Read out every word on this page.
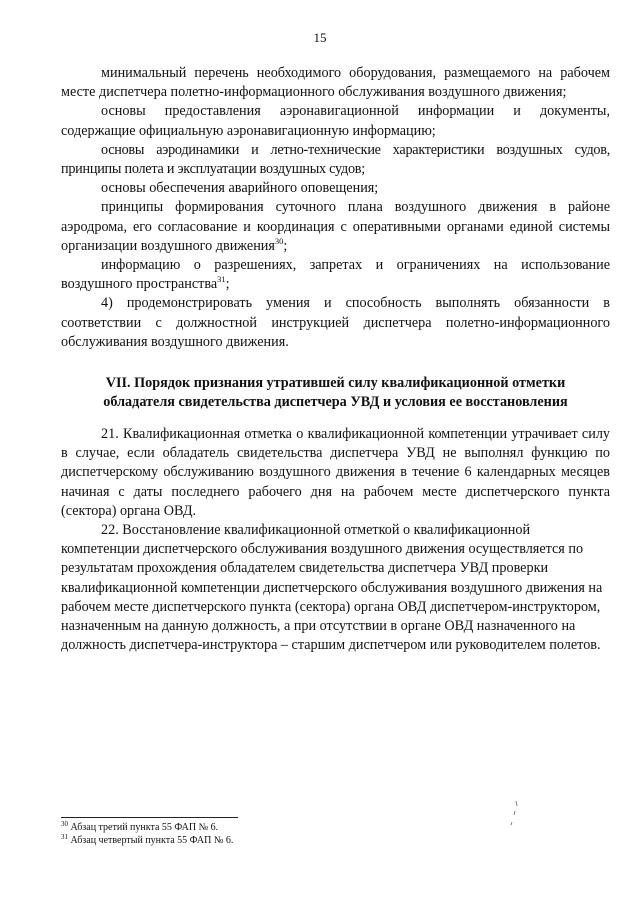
15

минимальный перечень необходимого оборудования, размещаемого на рабочем месте диспетчера полетно-информационного обслуживания воздушного движения;

основы предоставления аэронавигационной информации и документы, содержащие официальную аэронавигационную информацию;

основы аэродинамики и летно-технические характеристики воздушных судов, принципы полета и эксплуатации воздушных судов;

основы обеспечения аварийного оповещения;

принципы формирования суточного плана воздушного движения в районе аэродрома, его согласование и координация с оперативными органами единой системы организации воздушного движения$^{30}$;

информацию о разрешениях, запретах и ограничениях на использование воздушного пространства$^{31}$;

4) продемонстрировать умения и способность выполнять обязанности в соответствии с должностной инструкцией диспетчера полетно-информационного обслуживания воздушного движения.

VII. Порядок признания утратившей силу квалификационной отметки
обладателя свидетельства диспетчера УВД и условия ее восстановления

21. Квалификационная отметка о квалификационной компетенции утрачивает силу в случае, если обладатель свидетельства диспетчера УВД не выполнял функцию по диспетчерскому обслуживанию воздушного движения в течение 6 календарных месяцев начиная с даты последнего рабочего дня на рабочем месте диспетчерского пункта (сектора) органа ОВД.

22. Восстановление квалификационной отметкой о квалификационной компетенции диспетчерского обслуживания воздушного движения осуществляется по результатам прохождения обладателем свидетельства диспетчера УВД проверки квалификационной компетенции диспетчерского обслуживания воздушного движения на рабочем месте диспетчерского пункта (сектора) органа ОВД диспетчером-инструктором, назначенным на данную должность, а при отсутствии в органе ОВД назначенного на должность диспетчера-инструктора – старшим диспетчером или руководителем полетов.

$^{30}$ Абзац третий пункта 55 ФАП № 6.
$^{31}$ Абзац четвертый пункта 55 ФАП № 6.
